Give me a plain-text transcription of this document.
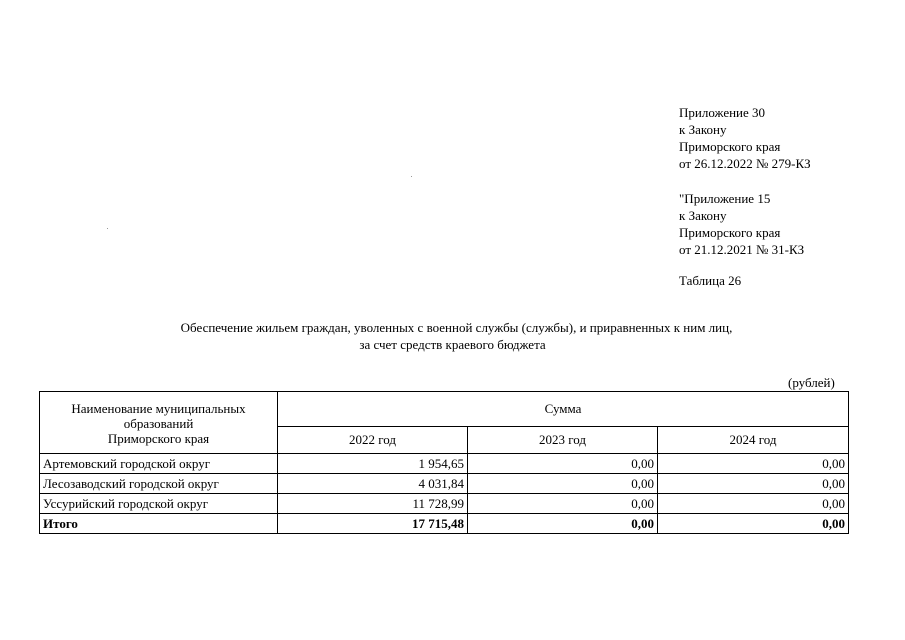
Приложение 30
к Закону
Приморского края
от 26.12.2022 № 279-КЗ
"Приложение 15
к Закону
Приморского края
от 21.12.2021 № 31-КЗ
Таблица 26
Обеспечение жильем граждан, уволенных с военной службы (службы), и приравненных к ним лиц,
за счет средств краевого бюджета
(рублей)
Наименование муниципальных
образований
Приморского края	Сумма		
	2022 год	2023 год	2024 год
Артемовский городской округ	1 954,65	0,00	0,00
Лесозаводский городской округ	4 031,84	0,00	0,00
Уссурийский городской округ	11 728,99	0,00	0,00
Итого	17 715,48	0,00	0,00
